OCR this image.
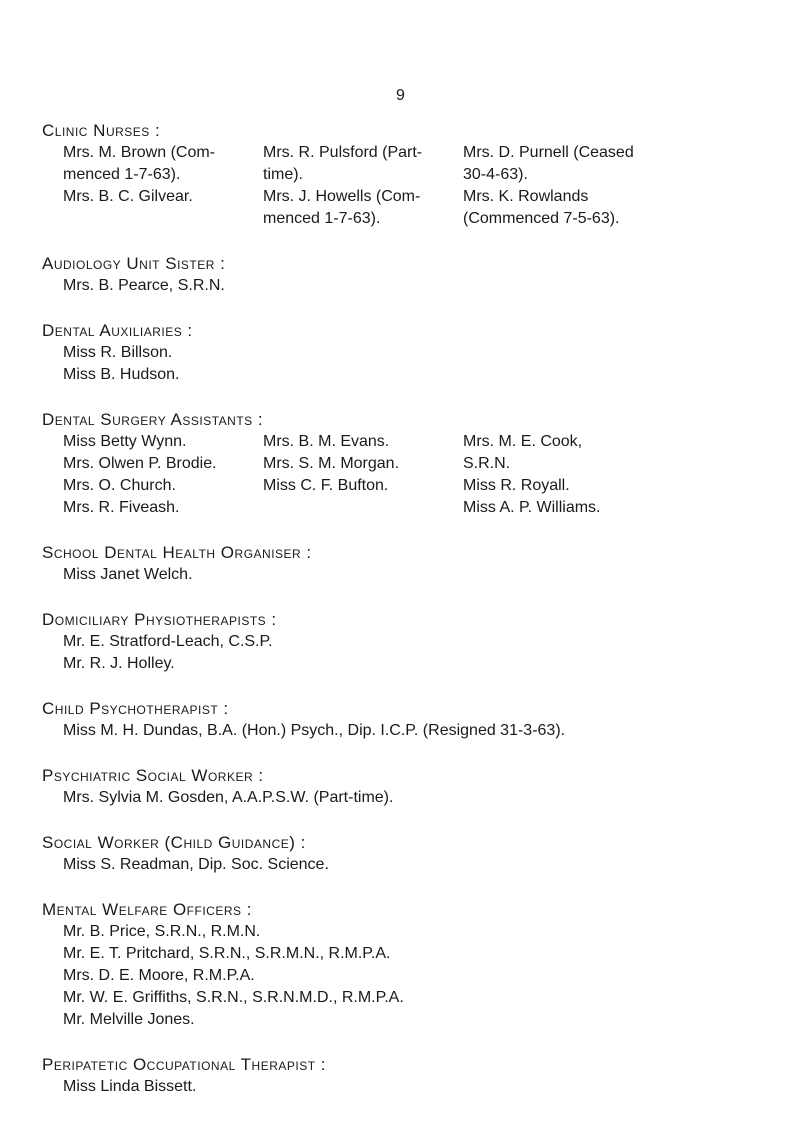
9
Clinic Nurses :
Mrs. M. Brown (Com-
menced 1-7-63).
Mrs. B. C. Gilvear.
Mrs. R. Pulsford (Part-
time).
Mrs. J. Howells (Com-
menced 1-7-63).
Mrs. D. Purnell (Ceased
30-4-63).
Mrs. K. Rowlands
(Commenced 7-5-63).
Audiology Unit Sister :
Mrs. B. Pearce, S.R.N.
Dental Auxiliaries :
Miss R. Billson.
Miss B. Hudson.
Dental Surgery Assistants :
Miss Betty Wynn.
Mrs. Olwen P. Brodie.
Mrs. O. Church.
Mrs. R. Fiveash.
Mrs. B. M. Evans.
Mrs. S. M. Morgan.
Miss C. F. Bufton.
Mrs. M. E. Cook,
S.R.N.
Miss R. Royall.
Miss A. P. Williams.
School Dental Health Organiser :
Miss Janet Welch.
Domiciliary Physiotherapists :
Mr. E. Stratford-Leach, C.S.P.
Mr. R. J. Holley.
Child Psychotherapist :
Miss M. H. Dundas, B.A. (Hon.) Psych., Dip. I.C.P. (Resigned 31-3-63).
Psychiatric Social Worker :
Mrs. Sylvia M. Gosden, A.A.P.S.W. (Part-time).
Social Worker (Child Guidance) :
Miss S. Readman, Dip. Soc. Science.
Mental Welfare Officers :
Mr. B. Price, S.R.N., R.M.N.
Mr. E. T. Pritchard, S.R.N., S.R.M.N., R.M.P.A.
Mrs. D. E. Moore, R.M.P.A.
Mr. W. E. Griffiths, S.R.N., S.R.N.M.D., R.M.P.A.
Mr. Melville Jones.
Peripatetic Occupational Therapist :
Miss Linda Bissett.
